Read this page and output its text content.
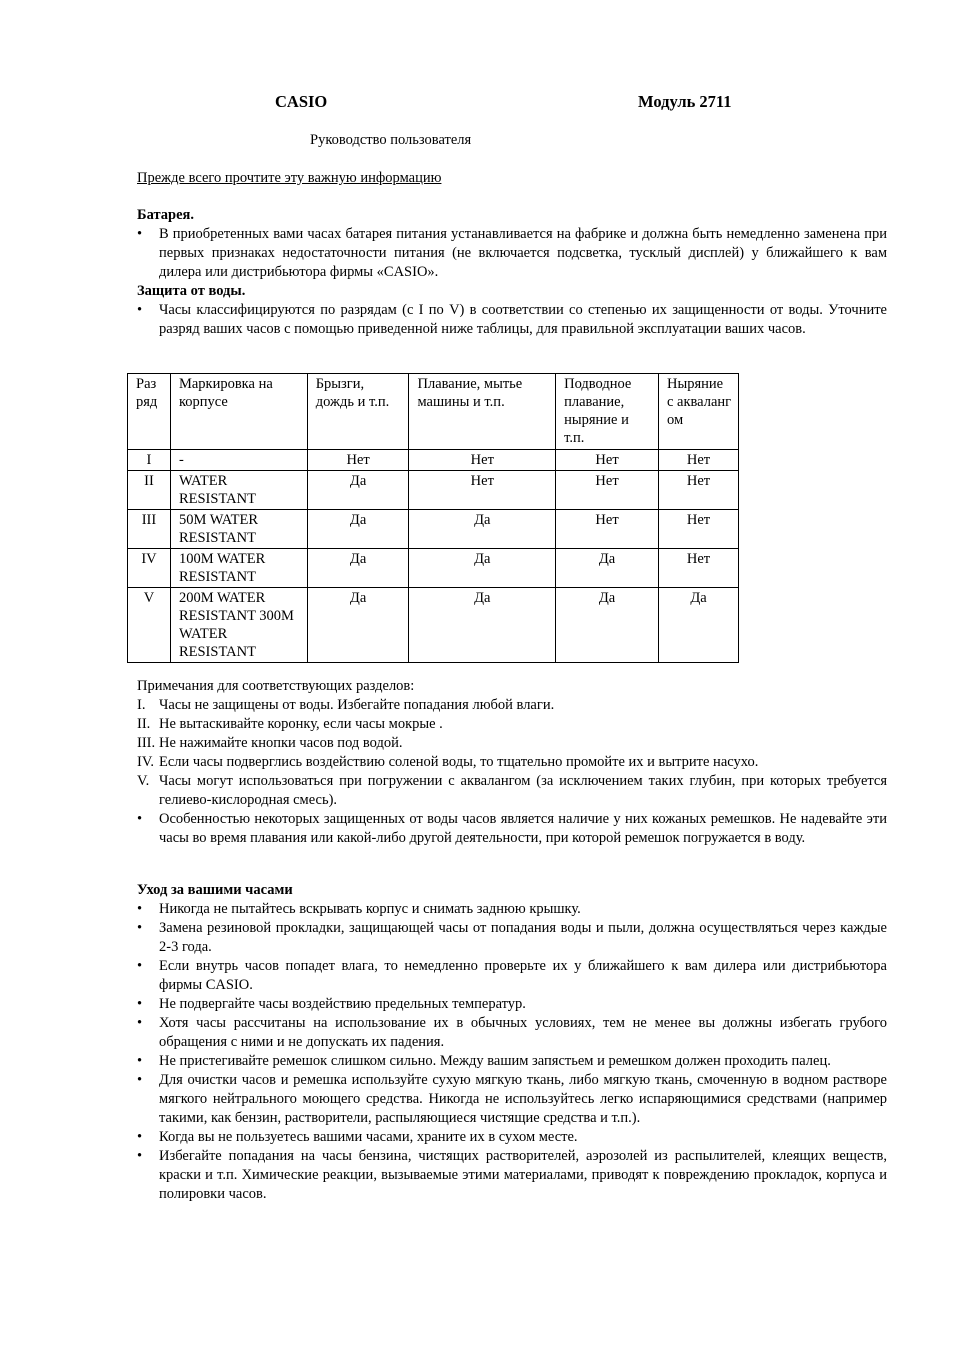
CASIO	Модуль 2711
Руководство пользователя
Прежде всего прочтите эту важную информацию
Батарея.
• В приобретенных вами часах батарея питания устанавливается на фабрике и должна быть немедленно заменена при первых признаках недостаточности питания (не включается подсветка, тусклый дисплей) у ближайшего к вам дилера или дистрибьютора фирмы «CASIO».
Защита от воды.
• Часы классифицируются по разрядам (с I по V) в соответствии со степенью их защищенности от воды. Уточните разряд ваших часов с помощью приведенной ниже таблицы, для правильной эксплуатации ваших часов.
Раз ряд	Маркировка на корпусе	Брызги, дождь и т.п.	Плавание, мытье машины и т.п.	Подводное плавание, ныряние и т.п.	Ныряние с акваланг ом
I	-	Нет	Нет	Нет	Нет
II	WATER RESISTANT	Да	Нет	Нет	Нет
III	50M WATER RESISTANT	Да	Да	Нет	Нет
IV	100M WATER RESISTANT	Да	Да	Да	Нет
V	200M WATER RESISTANT 300M WATER RESISTANT	Да	Да	Да	Да
Примечания для соответствующих разделов:
I. Часы не защищены от воды. Избегайте попадания любой влаги.
II. Не вытаскивайте коронку, если часы мокрые .
III. Не нажимайте кнопки часов под водой.
IV. Если часы подверглись воздействию соленой воды, то тщательно промойте их и вытрите насухо.
V. Часы могут использоваться при погружении с аквалангом (за исключением таких глубин, при которых требуется гелиево-кислородная смесь).
• Особенностью некоторых защищенных от воды часов является наличие у них кожаных ремешков. Не надевайте эти часы во время плавания или какой-либо другой деятельности, при которой ремешок погружается в воду.
Уход за вашими часами
• Никогда не пытайтесь вскрывать корпус и снимать заднюю крышку.
• Замена резиновой прокладки, защищающей часы от попадания воды и пыли, должна осуществляться через каждые 2-3 года.
• Если внутрь часов попадет влага, то немедленно проверьте их у ближайшего к вам дилера или дистрибьютора фирмы CASIO.
• Не подвергайте часы воздействию предельных температур.
• Хотя часы рассчитаны на использование их в обычных условиях, тем не менее вы должны избегать грубого обращения с ними и не допускать их падения.
• Не пристегивайте ремешок слишком сильно. Между вашим запястьем и ремешком должен проходить палец.
• Для очистки часов и ремешка используйте сухую мягкую ткань, либо мягкую ткань, смоченную в водном растворе мягкого нейтрального моющего средства. Никогда не используйтесь легко испаряющимися средствами (например такими, как бензин, растворители, распыляющиеся чистящие средства и т.п.).
• Когда вы не пользуетесь вашими часами, храните их в сухом месте.
• Избегайте попадания на часы бензина, чистящих растворителей, аэрозолей из распылителей, клеящих веществ, краски и т.п. Химические реакции, вызываемые этими материалами, приводят к повреждению прокладок, корпуса и полировки часов.
